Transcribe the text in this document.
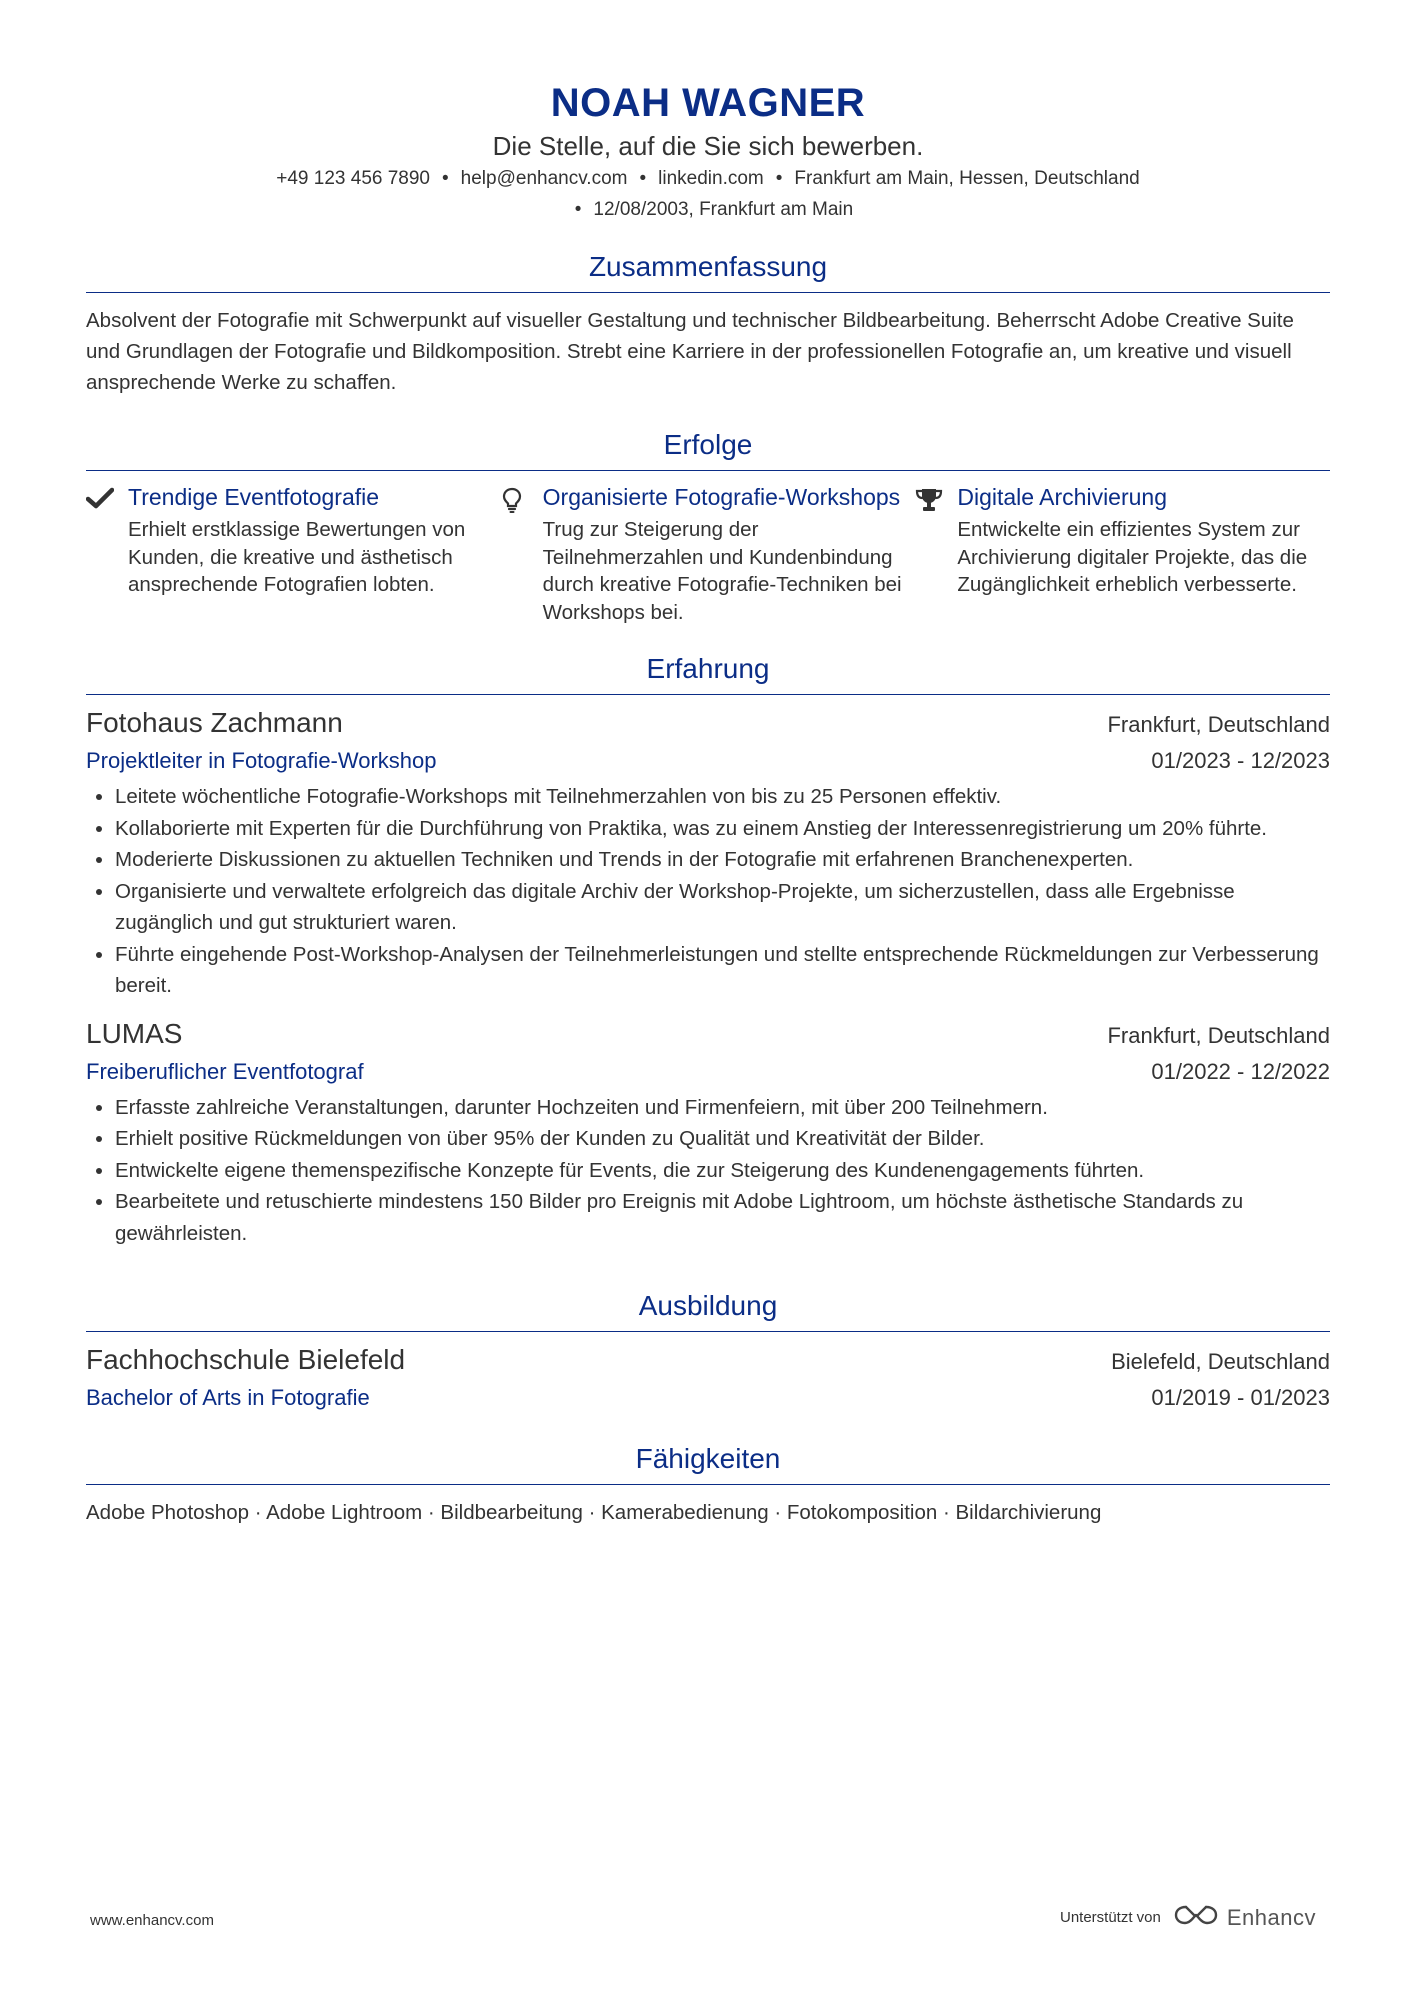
NOAH WAGNER
Die Stelle, auf die Sie sich bewerben.
+49 123 456 7890 • help@enhancv.com • linkedin.com • Frankfurt am Main, Hessen, Deutschland
• 12/08/2003, Frankfurt am Main
Zusammenfassung
Absolvent der Fotografie mit Schwerpunkt auf visueller Gestaltung und technischer Bildbearbeitung. Beherrscht Adobe Creative Suite und Grundlagen der Fotografie und Bildkomposition. Strebt eine Karriere in der professionellen Fotografie an, um kreative und visuell ansprechende Werke zu schaffen.
Erfolge
Trendige Eventfotografie
Erhielt erstklassige Bewertungen von Kunden, die kreative und ästhetisch ansprechende Fotografien lobten.
Organisierte Fotografie-Workshops
Trug zur Steigerung der Teilnehmerzahlen und Kundenbindung durch kreative Fotografie-Techniken bei Workshops bei.
Digitale Archivierung
Entwickelte ein effizientes System zur Archivierung digitaler Projekte, das die Zugänglichkeit erheblich verbesserte.
Erfahrung
Fotohaus Zachmann	Frankfurt, Deutschland
Projektleiter in Fotografie-Workshop	01/2023 - 12/2023
• Leitete wöchentliche Fotografie-Workshops mit Teilnehmerzahlen von bis zu 25 Personen effektiv.
• Kollaborierte mit Experten für die Durchführung von Praktika, was zu einem Anstieg der Interessenregistrierung um 20% führte.
• Moderierte Diskussionen zu aktuellen Techniken und Trends in der Fotografie mit erfahrenen Branchenexperten.
• Organisierte und verwaltete erfolgreich das digitale Archiv der Workshop-Projekte, um sicherzustellen, dass alle Ergebnisse zugänglich und gut strukturiert waren.
• Führte eingehende Post-Workshop-Analysen der Teilnehmerleistungen und stellte entsprechende Rückmeldungen zur Verbesserung bereit.
LUMAS	Frankfurt, Deutschland
Freiberuflicher Eventfotograf	01/2022 - 12/2022
• Erfasste zahlreiche Veranstaltungen, darunter Hochzeiten und Firmenfeiern, mit über 200 Teilnehmern.
• Erhielt positive Rückmeldungen von über 95% der Kunden zu Qualität und Kreativität der Bilder.
• Entwickelte eigene themenspezifische Konzepte für Events, die zur Steigerung des Kundenengagements führten.
• Bearbeitete und retuschierte mindestens 150 Bilder pro Ereignis mit Adobe Lightroom, um höchste ästhetische Standards zu gewährleisten.
Ausbildung
Fachhochschule Bielefeld	Bielefeld, Deutschland
Bachelor of Arts in Fotografie	01/2019 - 01/2023
Fähigkeiten
Adobe Photoshop · Adobe Lightroom · Bildbearbeitung · Kamerabedienung · Fotokomposition · Bildarchivierung
www.enhancv.com	Unterstützt von	Enhancv
